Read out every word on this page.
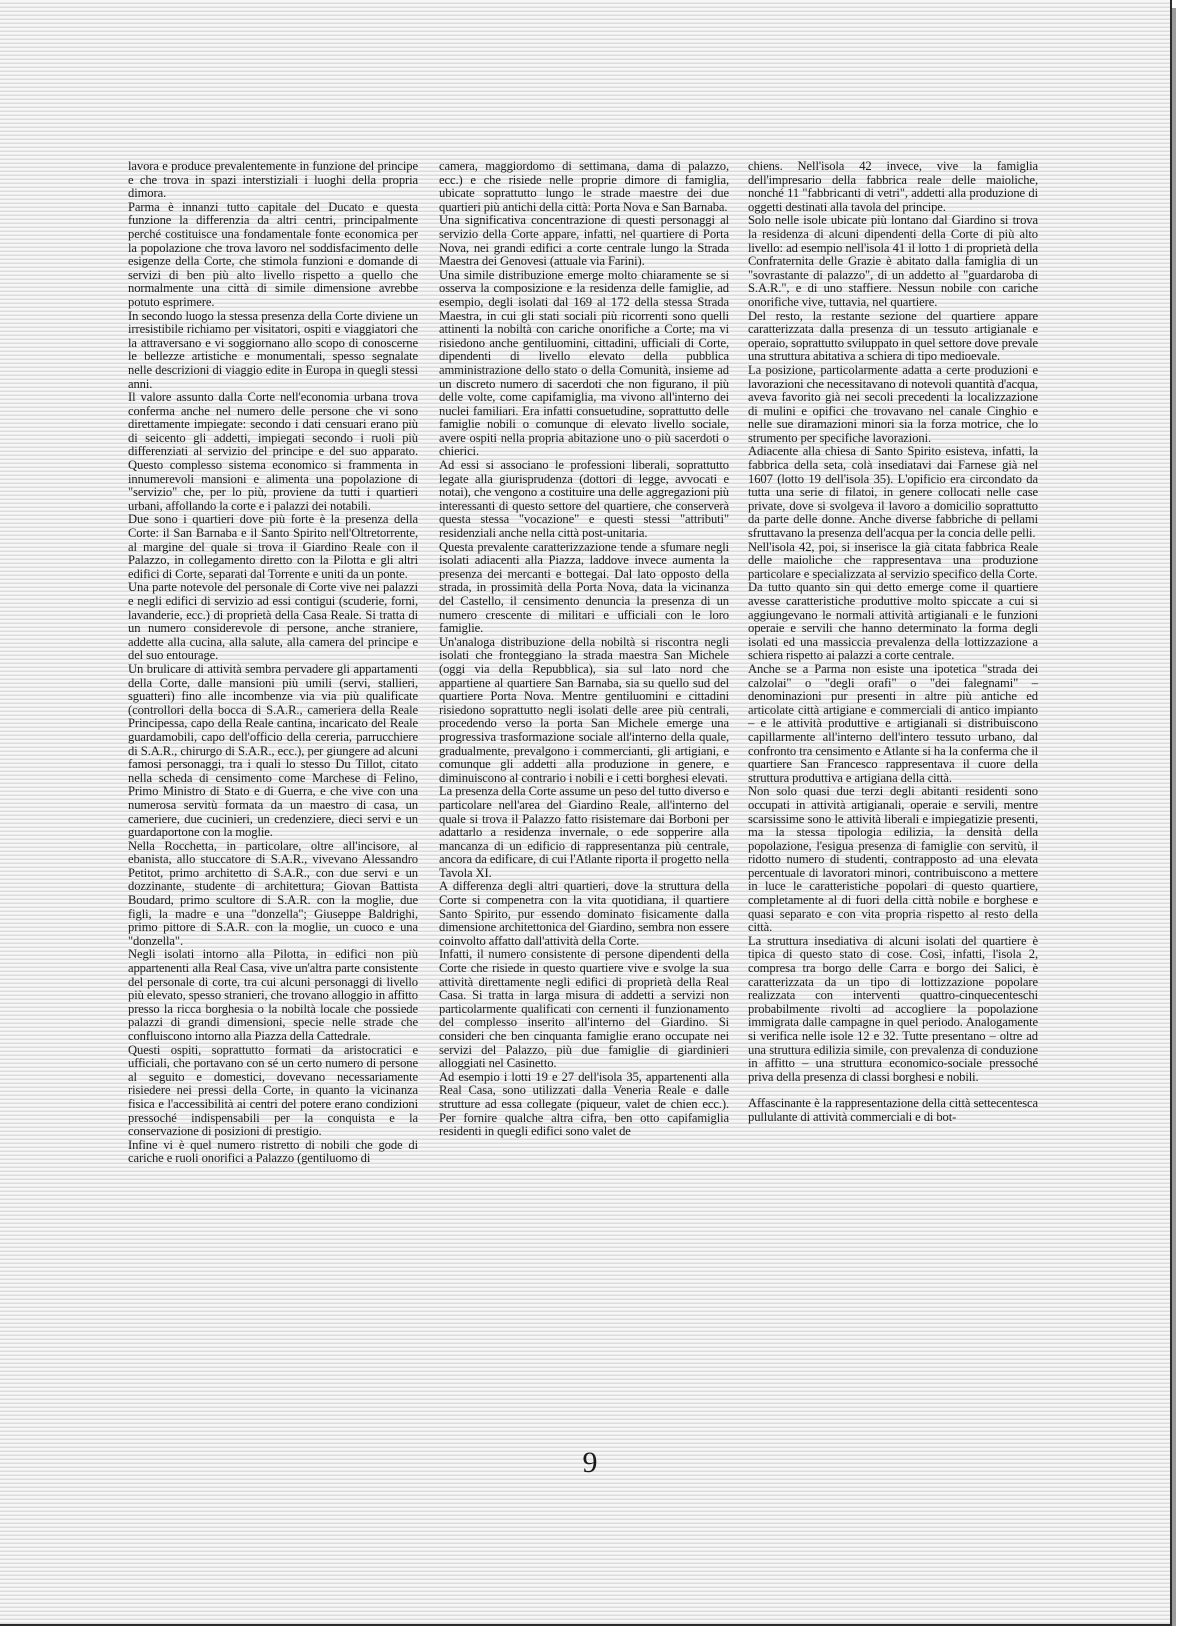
lavora e produce prevalentemente in funzione del principe e che trova in spazi interstiziali i luoghi della propria dimora.

Parma è innanzi tutto capitale del Ducato e questa funzione la differenzia da altri centri, principalmente perché costituisce una fondamentale fonte economica per la popolazione che trova lavoro nel soddisfacimento delle esigenze della Corte, che stimola funzioni e domande di servizi di ben più alto livello rispetto a quello che normalmente una città di simile dimensione avrebbe potuto esprimere.

In secondo luogo la stessa presenza della Corte diviene un irresistibile richiamo per visitatori, ospiti e viaggiatori che la attraversano e vi soggiornano allo scopo di conoscerne le bellezze artistiche e monumentali, spesso segnalate nelle descrizioni di viaggio edite in Europa in quegli stessi anni.

Il valore assunto dalla Corte nell'economia urbana trova conferma anche nel numero delle persone che vi sono direttamente impiegate: secondo i dati censuari erano più di seicento gli addetti, impiegati secondo i ruoli più differenziati al servizio del principe e del suo apparato. Questo complesso sistema economico si frammenta in innumerevoli mansioni e alimenta una popolazione di "servizio" che, per lo più, proviene da tutti i quartieri urbani, affollando la corte e i palazzi dei notabili.

Due sono i quartieri dove più forte è la presenza della Corte: il San Barnaba e il Santo Spirito nell'Oltretorrente, al margine del quale si trova il Giardino Reale con il Palazzo, in collegamento diretto con la Pilotta e gli altri edifici di Corte, separati dal Torrente e uniti da un ponte.

Una parte notevole del personale di Corte vive nei palazzi e negli edifici di servizio ad essi contigui (scuderie, forni, lavanderie, ecc.) di proprietà della Casa Reale. Si tratta di un numero considerevole di persone, anche straniere, addette alla cucina, alla salute, alla camera del principe e del suo entourage.

Un brulicare di attività sembra pervadere gli appartamenti della Corte, dalle mansioni più umili (servi, stallieri, sguatteri) fino alle incombenze via via più qualificate (controllori della bocca di S.A.R., cameriera della Reale Principessa, capo della Reale cantina, incaricato del Reale guardamobili, capo dell'officio della cereria, parrucchiere di S.A.R., chirurgo di S.A.R., ecc.), per giungere ad alcuni famosi personaggi, tra i quali lo stesso Du Tillot, citato nella scheda di censimento come Marchese di Felino, Primo Ministro di Stato e di Guerra, e che vive con una numerosa servitù formata da un maestro di casa, un cameriere, due cucinieri, un credenziere, dieci servi e un guardaportone con la moglie.

Nella Rocchetta, in particolare, oltre all'incisore, al ebanista, allo stuccatore di S.A.R., vivevano Alessandro Petitot, primo architetto di S.A.R., con due servi e un dozzinante, studente di architettura; Giovan Battista Boudard, primo scultore di S.A.R. con la moglie, due figli, la madre e una "donzella"; Giuseppe Baldrighi, primo pittore di S.A.R. con la moglie, un cuoco e una "donzella".

Negli isolati intorno alla Pilotta, in edifici non più appartenenti alla Real Casa, vive un'altra parte consistente del personale di corte, tra cui alcuni personaggi di livello più elevato, spesso stranieri, che trovano alloggio in affitto presso la ricca borghesia o la nobiltà locale che possiede palazzi di grandi dimensioni, specie nelle strade che confluiscono intorno alla Piazza della Cattedrale.

Questi ospiti, soprattutto formati da aristocratici e ufficiali, che portavano con sé un certo numero di persone al seguito e domestici, dovevano necessariamente risiedere nei pressi della Corte, in quanto la vicinanza fisica e l'accessibilità ai centri del potere erano condizioni pressoché indispensabili per la conquista e la conservazione di posizioni di prestigio.

Infine vi è quel numero ristretto di nobili che gode di cariche e ruoli onorifici a Palazzo (gentiluomo di

camera, maggiordomo di settimana, dama di palazzo, ecc.) e che risiede nelle proprie dimore di famiglia, ubicate soprattutto lungo le strade maestre dei due quartieri più antichi della città: Porta Nova e San Barnaba.

Una significativa concentrazione di questi personaggi al servizio della Corte appare, infatti, nel quartiere di Porta Nova, nei grandi edifici a corte centrale lungo la Strada Maestra dei Genovesi (attuale via Farini).

Una simile distribuzione emerge molto chiaramente se si osserva la composizione e la residenza delle famiglie, ad esempio, degli isolati dal 169 al 172 della stessa Strada Maestra, in cui gli stati sociali più ricorrenti sono quelli attinenti la nobiltà con cariche onorifiche a Corte; ma vi risiedono anche gentiluomini, cittadini, ufficiali di Corte, dipendenti di livello elevato della pubblica amministrazione dello stato o della Comunità, insieme ad un discreto numero di sacerdoti che non figurano, il più delle volte, come capifamiglia, ma vivono all'interno dei nuclei familiari. Era infatti consuetudine, soprattutto delle famiglie nobili o comunque di elevato livello sociale, avere ospiti nella propria abitazione uno o più sacerdoti o chierici.

Ad essi si associano le professioni liberali, soprattutto legate alla giurisprudenza (dottori di legge, avvocati e notai), che vengono a costituire una delle aggregazioni più interessanti di questo settore del quartiere, che conserverà questa stessa "vocazione" e questi stessi "attributi" residenziali anche nella città post-unitaria.

Questa prevalente caratterizzazione tende a sfumare negli isolati adiacenti alla Piazza, laddove invece aumenta la presenza dei mercanti e bottegai. Dal lato opposto della strada, in prossimità della Porta Nova, data la vicinanza del Castello, il censimento denuncia la presenza di un numero crescente di militari e ufficiali con le loro famiglie.

Un'analoga distribuzione della nobiltà si riscontra negli isolati che fronteggiano la strada maestra San Michele (oggi via della Repubblica), sia sul lato nord che appartiene al quartiere San Barnaba, sia su quello sud del quartiere Porta Nova. Mentre gentiluomini e cittadini risiedono soprattutto negli isolati delle aree più centrali, procedendo verso la porta San Michele emerge una progressiva trasformazione sociale all'interno della quale, gradualmente, prevalgono i commercianti, gli artigiani, e comunque gli addetti alla produzione in genere, e diminuiscono al contrario i nobili e i cetti borghesi elevati.

La presenza della Corte assume un peso del tutto diverso e particolare nell'area del Giardino Reale, all'interno del quale si trova il Palazzo fatto risistemare dai Borboni per adattarlo a residenza invernale, o ede sopperire alla mancanza di un edificio di rappresentanza più centrale, ancora da edificare, di cui l'Atlante riporta il progetto nella Tavola XI.

A differenza degli altri quartieri, dove la struttura della Corte si compenetra con la vita quotidiana, il quartiere Santo Spirito, pur essendo dominato fisicamente dalla dimensione architettonica del Giardino, sembra non essere coinvolto affatto dall'attività della Corte.

Infatti, il numero consistente di persone dipendenti della Corte che risiede in questo quartiere vive e svolge la sua attività direttamente negli edifici di proprietà della Real Casa. Si tratta in larga misura di addetti a servizi non particolarmente qualificati con cernenti il funzionamento del complesso inserito all'interno del Giardino. Si consideri che ben cinquanta famiglie erano occupate nei servizi del Palazzo, più due famiglie di giardinieri alloggiati nel Casinetto.

Ad esempio i lotti 19 e 27 dell'isola 35, appartenenti alla Real Casa, sono utilizzati dalla Veneria Reale e dalle strutture ad essa collegate (piqueur, valet de chien ecc.). Per fornire qualche altra cifra, ben otto capifamiglia residenti in quegli edifici sono valet de

chiens. Nell'isola 42 invece, vive la famiglia dell'impresario della fabbrica reale delle maioliche, nonché 11 "fabbricanti di vetri", addetti alla produzione di oggetti destinati alla tavola del principe.

Solo nelle isole ubicate più lontano dal Giardino si trova la residenza di alcuni dipendenti della Corte di più alto livello: ad esempio nell'isola 41 il lotto 1 di proprietà della Confraternita delle Grazie è abitato dalla famiglia di un "sovrastante di palazzo", di un addetto al "guardaroba di S.A.R.", e di uno staffiere. Nessun nobile con cariche onorifiche vive, tuttavia, nel quartiere.

Del resto, la restante sezione del quartiere appare caratterizzata dalla presenza di un tessuto artigianale e operaio, soprattutto sviluppato in quel settore dove prevale una struttura abitativa a schiera di tipo medioevale.

La posizione, particolarmente adatta a certe produzioni e lavorazioni che necessitavano di notevoli quantità d'acqua, aveva favorito già nei secoli precedenti la localizzazione di mulini e opifici che trovavano nel canale Cinghio e nelle sue diramazioni minori sia la forza motrice, che lo strumento per specifiche lavorazioni.

Adiacente alla chiesa di Santo Spirito esisteva, infatti, la fabbrica della seta, colà insediatavi dai Farnese già nel 1607 (lotto 19 dell'isola 35). L'opificio era circondato da tutta una serie di filatoi, in genere collocati nelle case private, dove si svolgeva il lavoro a domicilio soprattutto da parte delle donne. Anche diverse fabbriche di pellami sfruttavano la presenza dell'acqua per la concia delle pelli.

Nell'isola 42, poi, si inserisce la già citata fabbrica Reale delle maioliche che rappresentava una produzione particolare e specializzata al servizio specifico della Corte.

Da tutto quanto sin qui detto emerge come il quartiere avesse caratteristiche produttive molto spiccate a cui si aggiungevano le normali attività artigianali e le funzioni operaie e servili che hanno determinato la forma degli isolati ed una massiccia prevalenza della lottizzazione a schiera rispetto ai palazzi a corte centrale.

Anche se a Parma non esiste una ipotetica "strada dei calzolai" o "degli orafi" o "dei falegnami" – denominazioni pur presenti in altre più antiche ed articolate città artigiane e commerciali di antico impianto – e le attività produttive e artigianali si distribuiscono capillarmente all'interno dell'intero tessuto urbano, dal confronto tra censimento e Atlante si ha la conferma che il quartiere San Francesco rappresentava il cuore della struttura produttiva e artigiana della città.

Non solo quasi due terzi degli abitanti residenti sono occupati in attività artigianali, operaie e servili, mentre scarsissime sono le attività liberali e impiegatizie presenti, ma la stessa tipologia edilizia, la densità della popolazione, l'esigua presenza di famiglie con servitù, il ridotto numero di studenti, contrapposto ad una elevata percentuale di lavoratori minori, contribuiscono a mettere in luce le caratteristiche popolari di questo quartiere, completamente al di fuori della città nobile e borghese e quasi separato e con vita propria rispetto al resto della città.

La struttura insediativa di alcuni isolati del quartiere è tipica di questo stato di cose. Così, infatti, l'isola 2, compresa tra borgo delle Carra e borgo dei Salici, è caratterizzata da un tipo di lottizzazione popolare realizzata con interventi quattro-cinquecenteschi probabilmente rivolti ad accogliere la popolazione immigrata dalle campagne in quel periodo. Analogamente si verifica nelle isole 12 e 32. Tutte presentano – oltre ad una struttura edilizia simile, con prevalenza di conduzione in affitto – una struttura economico-sociale pressoché priva della presenza di classi borghesi e nobili.

Affascinante è la rappresentazione della città settecentesca pullulante di attività commerciali e di bot-

9
